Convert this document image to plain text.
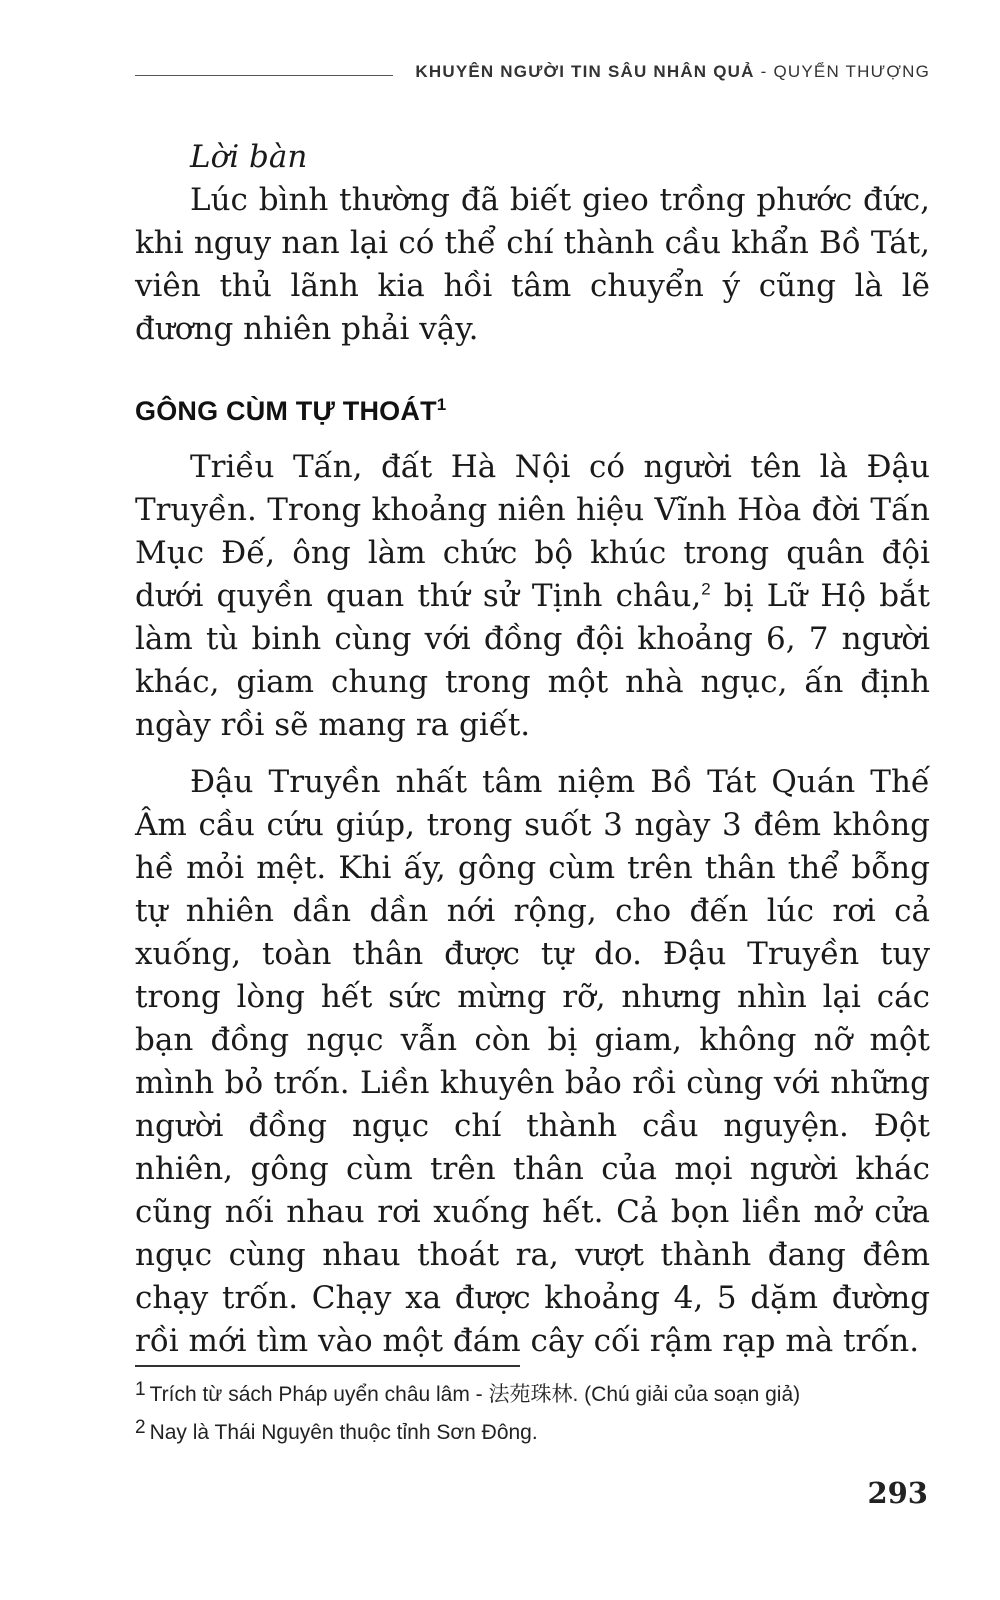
KHUYÊN NGƯỜI TIN SÂU NHÂN QUẢ - QUYỂN THƯỢNG

Lời bàn

Lúc bình thường đã biết gieo trồng phước đức, khi nguy nan lại có thể chí thành cầu khẩn Bồ Tát, viên thủ lãnh kia hồi tâm chuyển ý cũng là lẽ đương nhiên phải vậy.

GÔNG CÙM TỰ THOÁT$^1$

Triều Tấn, đất Hà Nội có người tên là Đậu Truyền. Trong khoảng niên hiệu Vĩnh Hòa đời Tấn Mục Đế, ông làm chức bộ khúc trong quân đội dưới quyền quan thứ sử Tịnh châu,$^2$ bị Lữ Hộ bắt làm tù binh cùng với đồng đội khoảng 6, 7 người khác, giam chung trong một nhà ngục, ấn định ngày rồi sẽ mang ra giết.

Đậu Truyền nhất tâm niệm Bồ Tát Quán Thế Âm cầu cứu giúp, trong suốt 3 ngày 3 đêm không hề mỏi mệt. Khi ấy, gông cùm trên thân thể bỗng tự nhiên dần dần nới rộng, cho đến lúc rơi cả xuống, toàn thân được tự do. Đậu Truyền tuy trong lòng hết sức mừng rỡ, nhưng nhìn lại các bạn đồng ngục vẫn còn bị giam, không nỡ một mình bỏ trốn. Liền khuyên bảo rồi cùng với những người đồng ngục chí thành cầu nguyện. Đột nhiên, gông cùm trên thân của mọi người khác cũng nối nhau rơi xuống hết. Cả bọn liền mở cửa ngục cùng nhau thoát ra, vượt thành đang đêm chạy trốn. Chạy xa được khoảng 4, 5 dặm đường rồi mới tìm vào một đám cây cối rậm rạp mà trốn.

1 Trích từ sách Pháp uyển châu lâm - 法苑珠林. (Chú giải của soạn giả)
2 Nay là Thái Nguyên thuộc tỉnh Sơn Đông.
293
